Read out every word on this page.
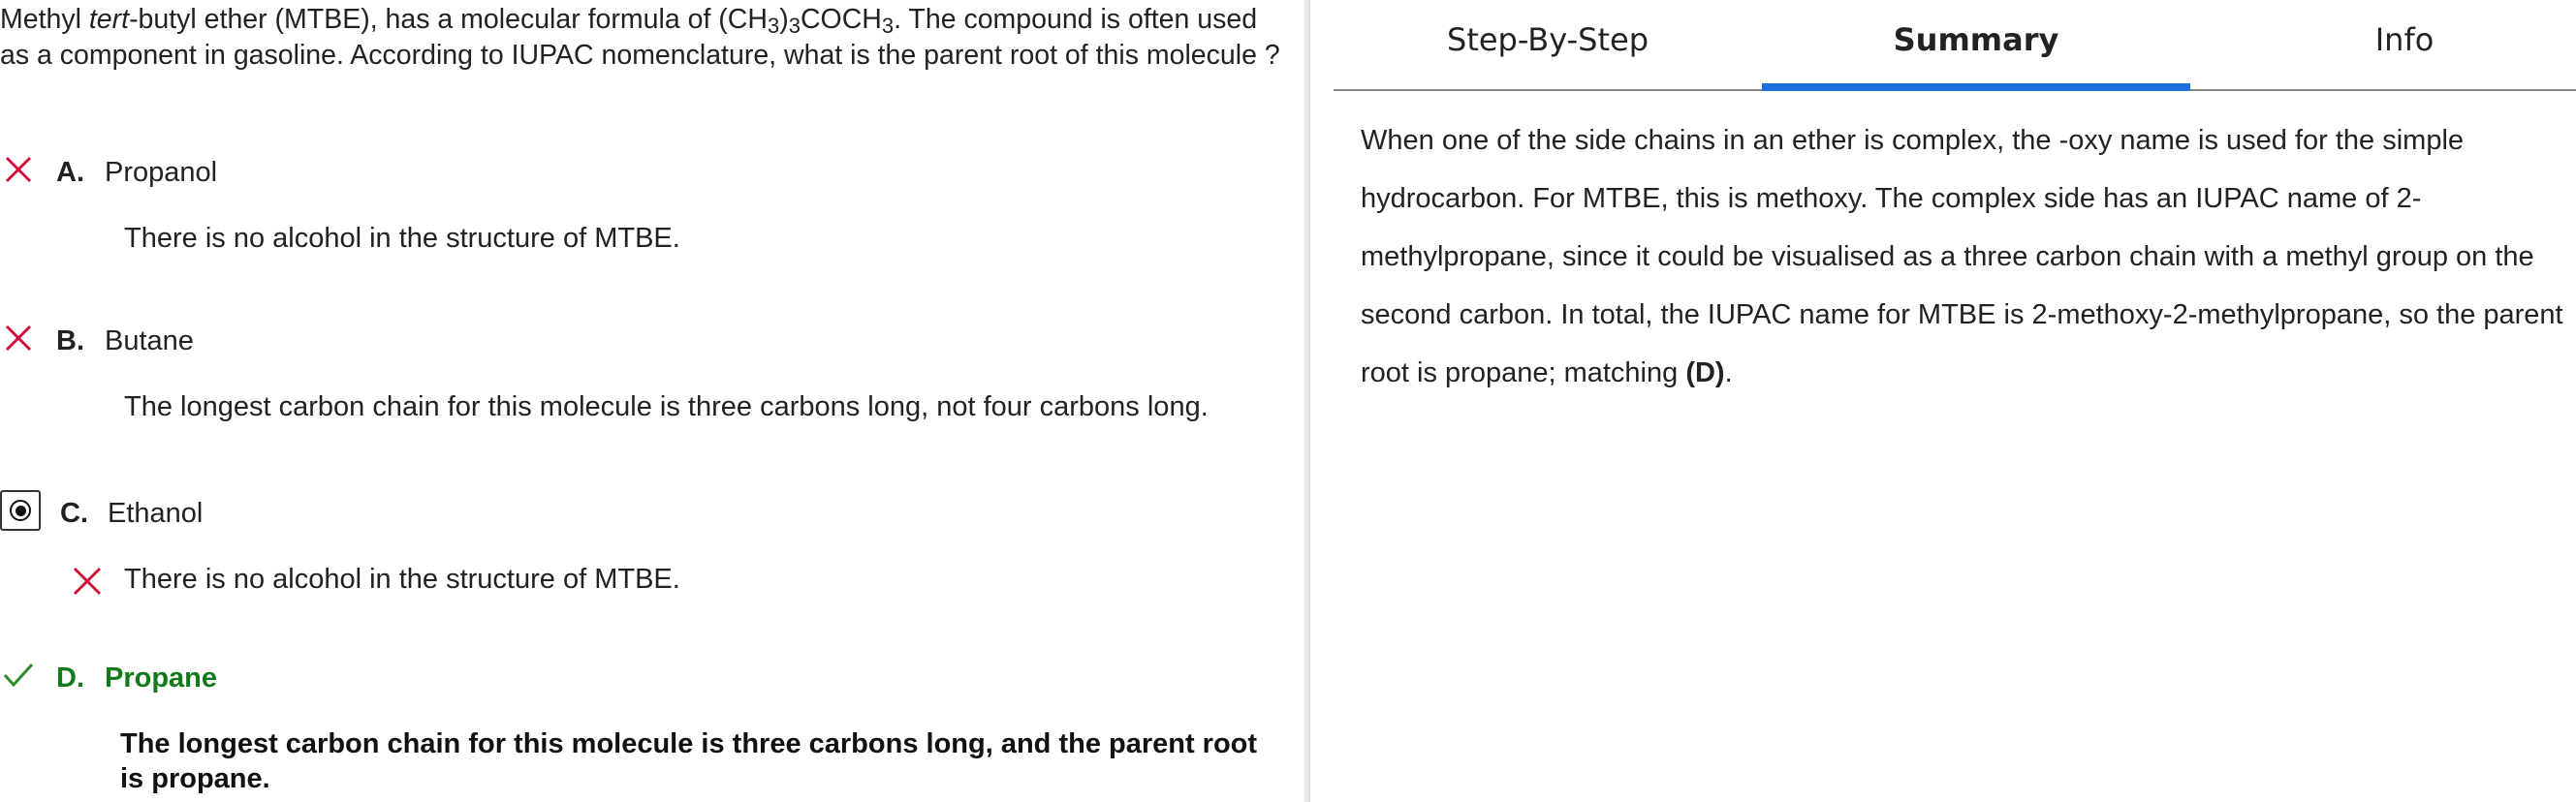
Methyl tert-butyl ether (MTBE), has a molecular formula of $(CH_3)_3COCH_3$. The compound is often used as a component in gasoline. According to IUPAC nomenclature, what is the parent root of this molecule ?

A. Propanol

There is no alcohol in the structure of MTBE.

B. Butane

The longest carbon chain for this molecule is three carbons long, not four carbons long.

C. Ethanol

There is no alcohol in the structure of MTBE.

D. Propane

The longest carbon chain for this molecule is three carbons long, and the parent root is propane.

Step-By-Step	Summary	Info

When one of the side chains in an ether is complex, the -oxy name is used for the simple hydrocarbon. For MTBE, this is methoxy. The complex side has an IUPAC name of 2-methylpropane, since it could be visualised as a three carbon chain with a methyl group on the second carbon. In total, the IUPAC name for MTBE is 2-methoxy-2-methylpropane, so the parent root is propane; matching (D).
